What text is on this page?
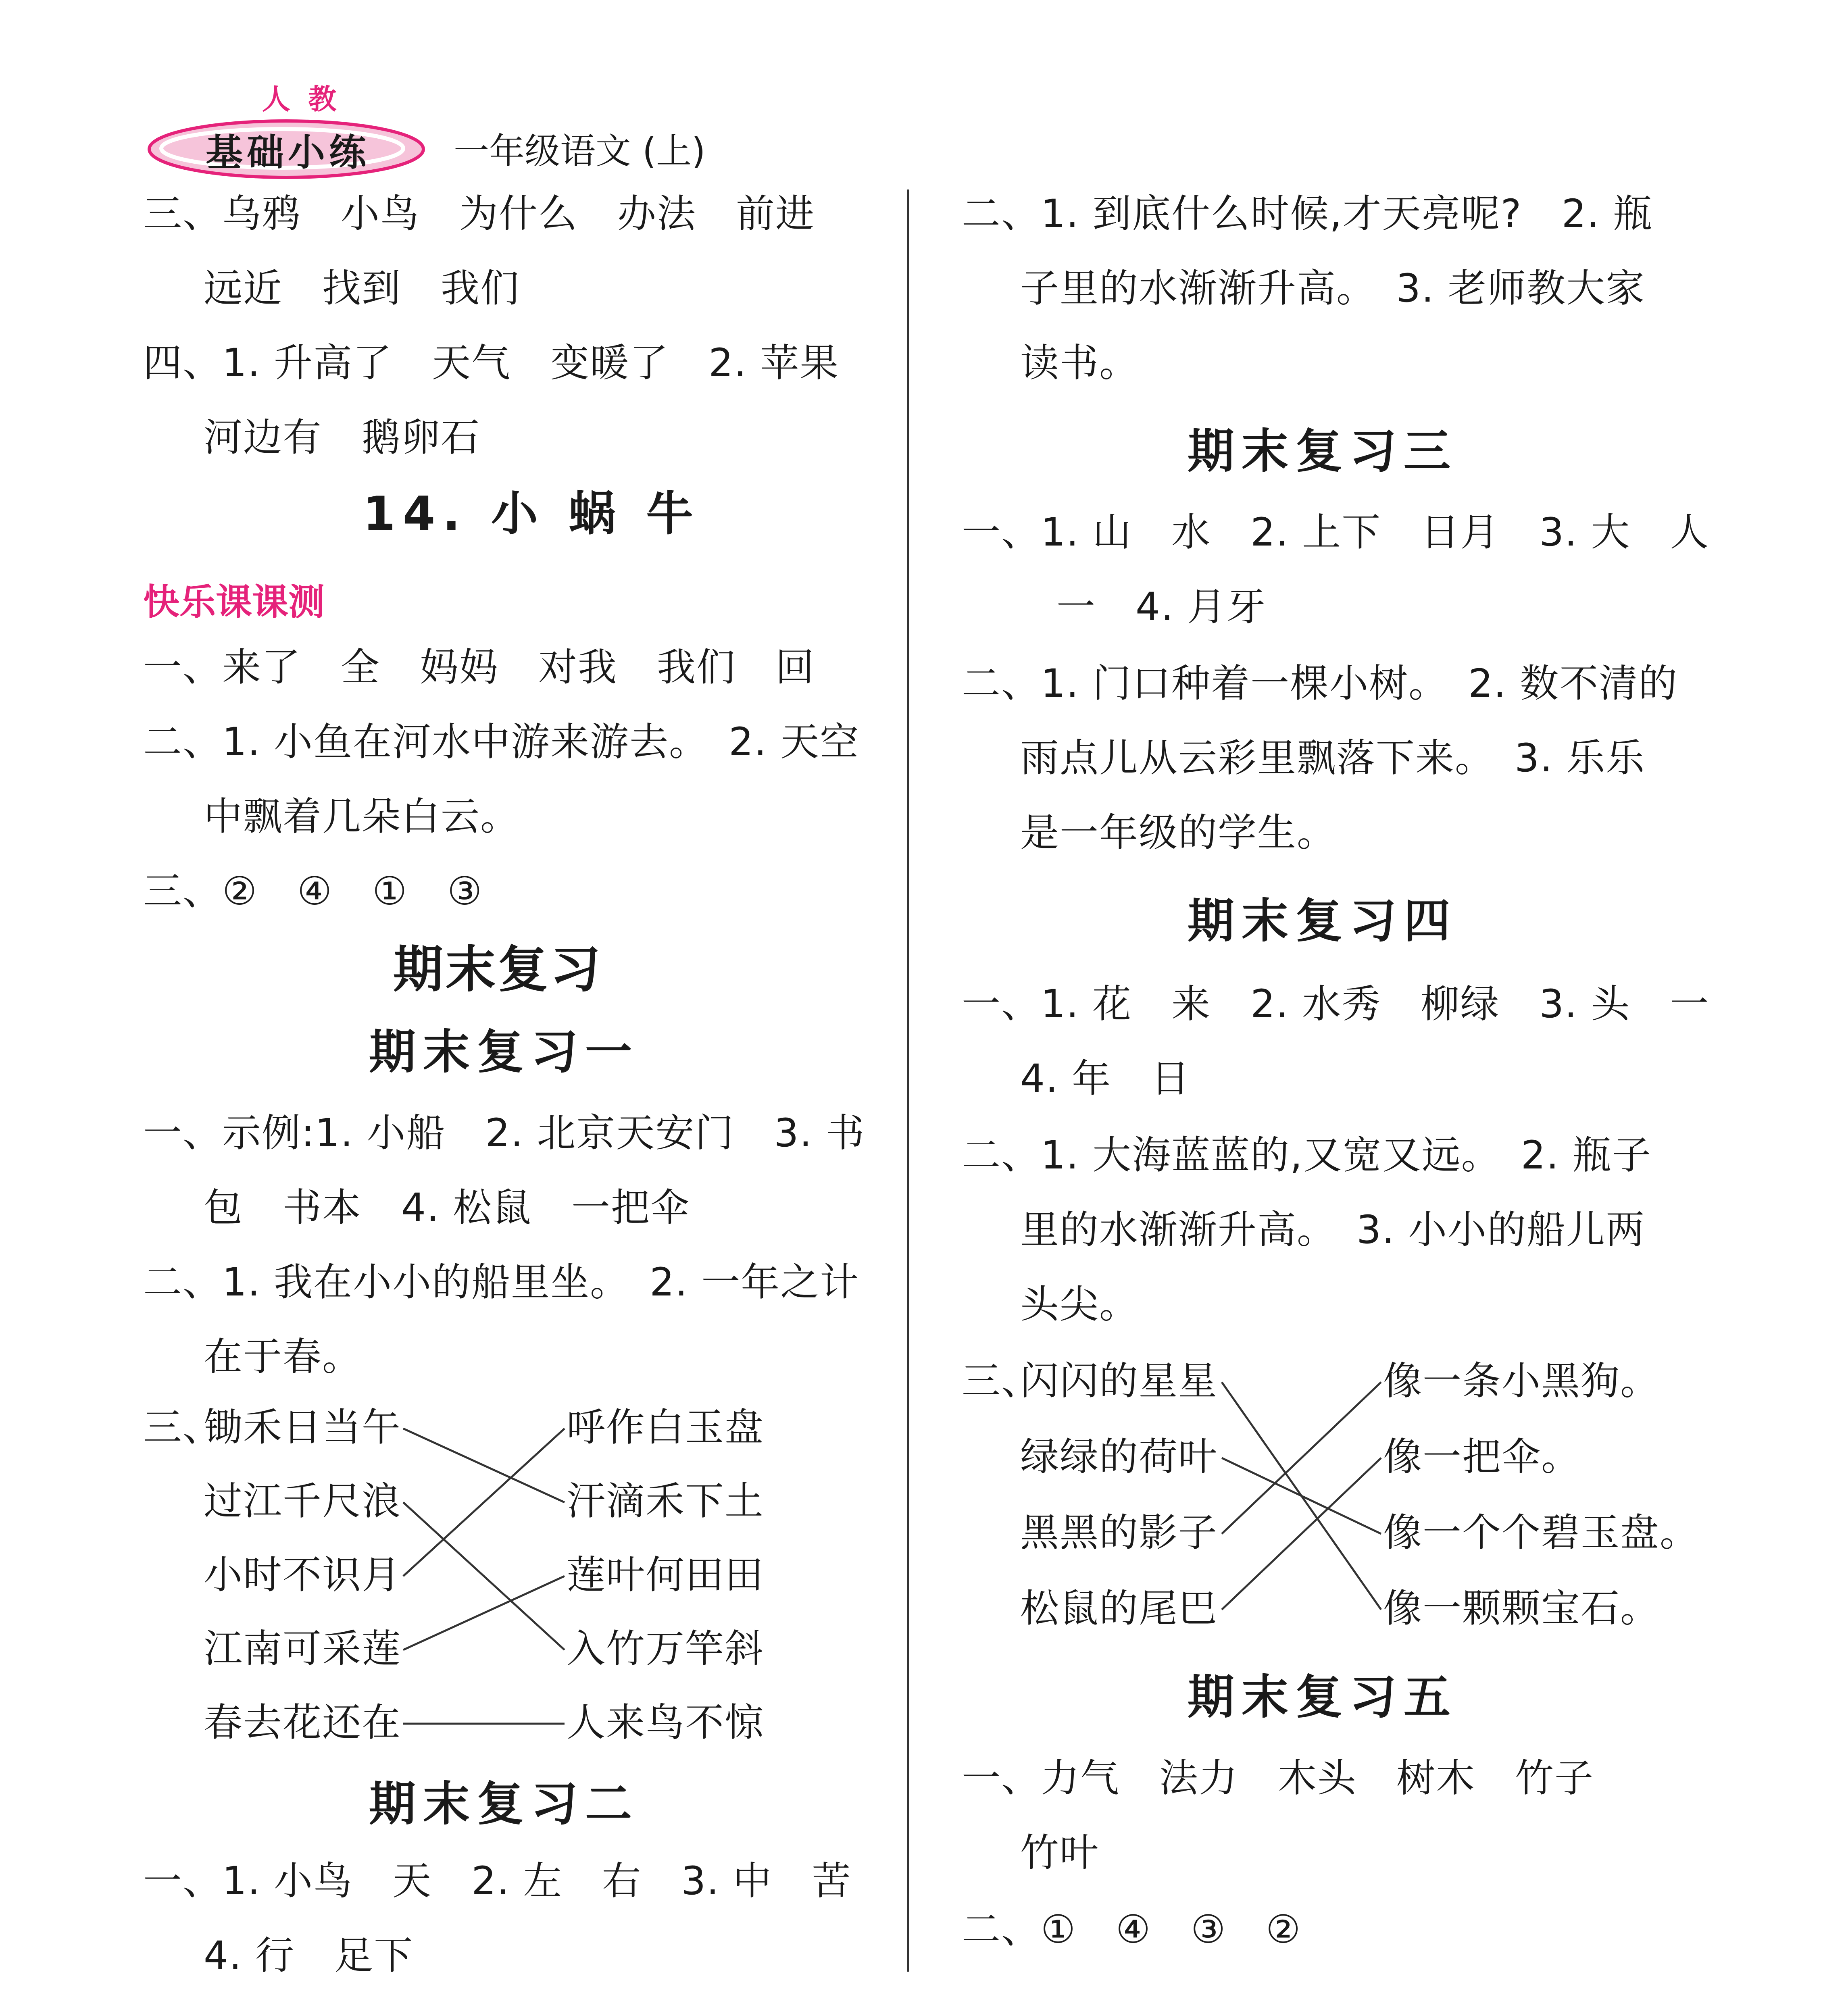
人 教
基础小练 一年级语文 (上)
三、乌鸦　小鸟　为什么　办法　前进
远近　找到　我们
四、1. 升高了　天气　变暖了　2. 苹果
河边有　鹅卵石
14. 小 蜗 牛
快乐课课测
一、来了　全　妈妈　对我　我们　回
二、1. 小鱼在河水中游来游去。　2. 天空
中飘着几朵白云。
三、②　④　①　③
期末复习
期末复习一
一、示例:1. 小船　2. 北京天安门　3. 书
包　书本　4. 松鼠　一把伞
二、1. 我在小小的船里坐。　2. 一年之计
在于春。
三、
锄禾日当午
过江千尺浪
小时不识月
江南可采莲
春去花还在
呼作白玉盘
汗滴禾下土
莲叶何田田
入竹万竿斜
人来鸟不惊
期末复习二
一、1. 小鸟　天　2. 左　右　3. 中　苦
4. 行　足下
二、1. 到底什么时候,才天亮呢?　2. 瓶
子里的水渐渐升高。　3. 老师教大家
读书。
期末复习三
一、1. 山　水　2. 上下　日月　3. 大　人
一　4. 月牙
二、1. 门口种着一棵小树。　2. 数不清的
雨点儿从云彩里飘落下来。　3. 乐乐
是一年级的学生。
期末复习四
一、1. 花　来　2. 水秀　柳绿　3. 头　一
4. 年　日
二、1. 大海蓝蓝的,又宽又远。　2. 瓶子
里的水渐渐升高。　3. 小小的船儿两
头尖。
三、
闪闪的星星
绿绿的荷叶
黑黑的影子
松鼠的尾巴
像一条小黑狗。
像一把伞。
像一个个碧玉盘。
像一颗颗宝石。
期末复习五
一、力气　法力　木头　树木　竹子
竹叶
二、①　④　③　②
